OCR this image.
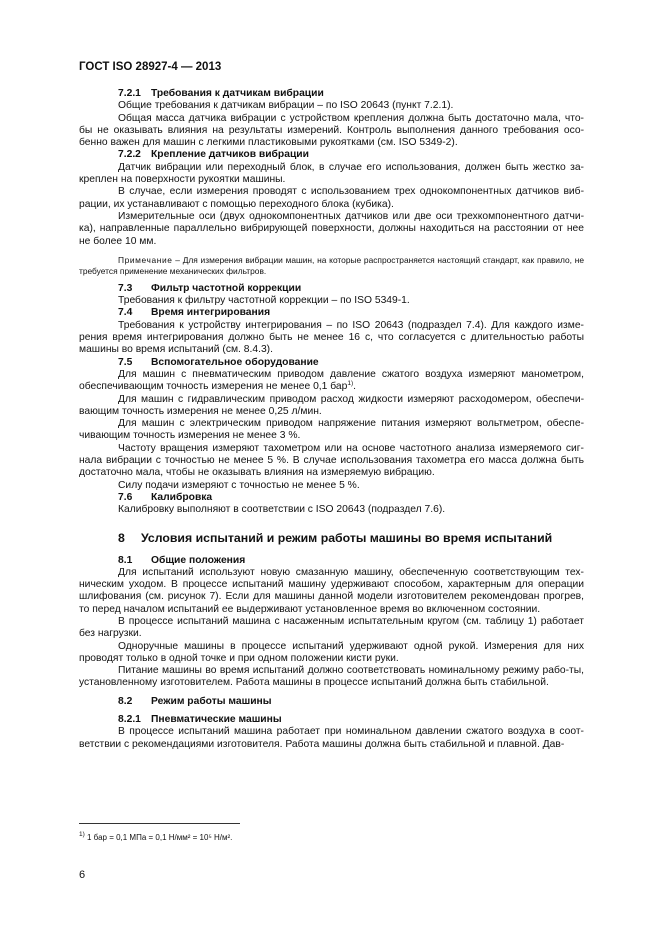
ГОСТ ISO 28927-4 — 2013

7.2.1 Требования к датчикам вибрации

Общие требования к датчикам вибрации – по ISO 20643 (пункт 7.2.1).

Общая масса датчика вибрации с устройством крепления должна быть достаточно мала, что-бы не оказывать влияния на результаты измерений. Контроль выполнения данного требования осо-бенно важен для машин с легкими пластиковыми рукоятками (см. ISO 5349-2).

7.2.2 Крепление датчиков вибрации

Датчик вибрации или переходный блок, в случае его использования, должен быть жестко за-креплен на поверхности рукоятки машины.

В случае, если измерения проводят с использованием трех однокомпонентных датчиков виб-рации, их устанавливают с помощью переходного блока (кубика).

Измерительные оси (двух однокомпонентных датчиков или две оси трехкомпонентного датчи-ка), направленные параллельно вибрирующей поверхности, должны находиться на расстоянии от нее не более 10 мм.

Примечание – Для измерения вибрации машин, на которые распространяется настоящий стандарт, как правило, не требуется применение механических фильтров.

7.3 Фильтр частотной коррекции

Требования к фильтру частотной коррекции – по ISO 5349-1.

7.4 Время интегрирования

Требования к устройству интегрирования – по ISO 20643 (подраздел 7.4). Для каждого изме-рения время интегрирования должно быть не менее 16 с, что согласуется с длительностью работы машины во время испытаний (см. 8.4.3).

7.5 Вспомогательное оборудование

Для машин с пневматическим приводом давление сжатого воздуха измеряют манометром, обеспечивающим точность измерения не менее 0,1 бар$^{1)}$.

Для машин с гидравлическим приводом расход жидкости измеряют расходомером, обеспечи-вающим точность измерения не менее 0,25 л/мин.

Для машин с электрическим приводом напряжение питания измеряют вольтметром, обеспе-чивающим точность измерения не менее 3 %.

Частоту вращения измеряют тахометром или на основе частотного анализа измеряемого сиг-нала вибрации с точностью не менее 5 %. В случае использования тахометра его масса должна быть достаточно мала, чтобы не оказывать влияния на измеряемую вибрацию.

Силу подачи измеряют с точностью не менее 5 %.

7.6 Калибровка

Калибровку выполняют в соответствии с ISO 20643 (подраздел 7.6).

8 Условия испытаний и режим работы машины во время испытаний

8.1 Общие положения

Для испытаний используют новую смазанную машину, обеспеченную соответствующим тех-ническим уходом. В процессе испытаний машину удерживают способом, характерным для операции шлифования (см. рисунок 7). Если для машины данной модели изготовителем рекомендован прогрев, то перед началом испытаний ее выдерживают установленное время во включенном состоянии.

В процессе испытаний машина с насаженным испытательным кругом (см. таблицу 1) работает без нагрузки.

Одноручные машины в процессе испытаний удерживают одной рукой. Измерения для них проводят только в одной точке и при одном положении кисти руки.

Питание машины во время испытаний должно соответствовать номинальному режиму рабо-ты, установленному изготовителем. Работа машины в процессе испытаний должна быть стабильной.

8.2 Режим работы машины

8.2.1 Пневматические машины

В процессе испытаний машина работает при номинальном давлении сжатого воздуха в соот-ветствии с рекомендациями изготовителя. Работа машины должна быть стабильной и плавной. Дав-

$^{1)}$ 1 бар = 0,1 МПа = 0,1 Н/мм² = 10⁵ Н/м².
6
